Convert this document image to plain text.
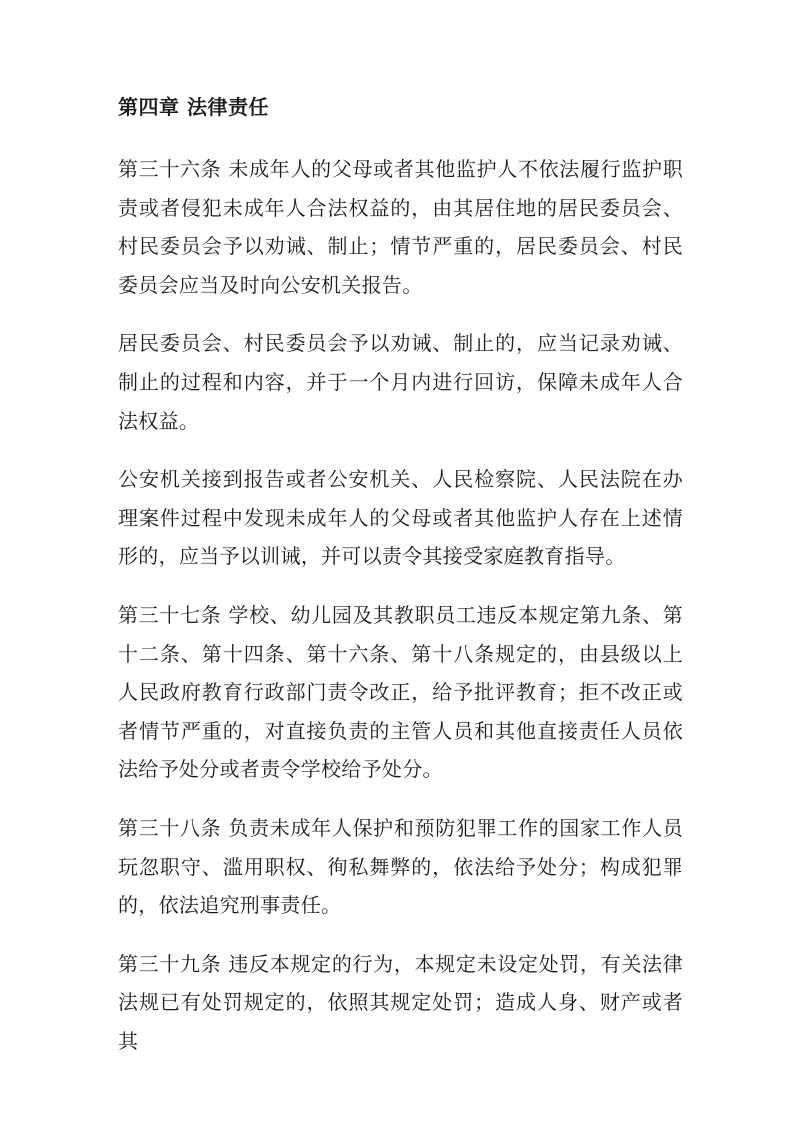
第四章 法律责任

第三十六条 未成年人的父母或者其他监护人不依法履行监护职责或者侵犯未成年人合法权益的，由其居住地的居民委员会、村民委员会予以劝诫、制止；情节严重的，居民委员会、村民委员会应当及时向公安机关报告。

居民委员会、村民委员会予以劝诫、制止的，应当记录劝诫、制止的过程和内容，并于一个月内进行回访，保障未成年人合法权益。

公安机关接到报告或者公安机关、人民检察院、人民法院在办理案件过程中发现未成年人的父母或者其他监护人存在上述情形的，应当予以训诫，并可以责令其接受家庭教育指导。

第三十七条 学校、幼儿园及其教职员工违反本规定第九条、第十二条、第十四条、第十六条、第十八条规定的，由县级以上人民政府教育行政部门责令改正，给予批评教育；拒不改正或者情节严重的，对直接负责的主管人员和其他直接责任人员依法给予处分或者责令学校给予处分。

第三十八条 负责未成年人保护和预防犯罪工作的国家工作人员玩忽职守、滥用职权、徇私舞弊的，依法给予处分；构成犯罪的，依法追究刑事责任。

第三十九条 违反本规定的行为，本规定未设定处罚，有关法律法规已有处罚规定的，依照其规定处罚；造成人身、财产或者其
